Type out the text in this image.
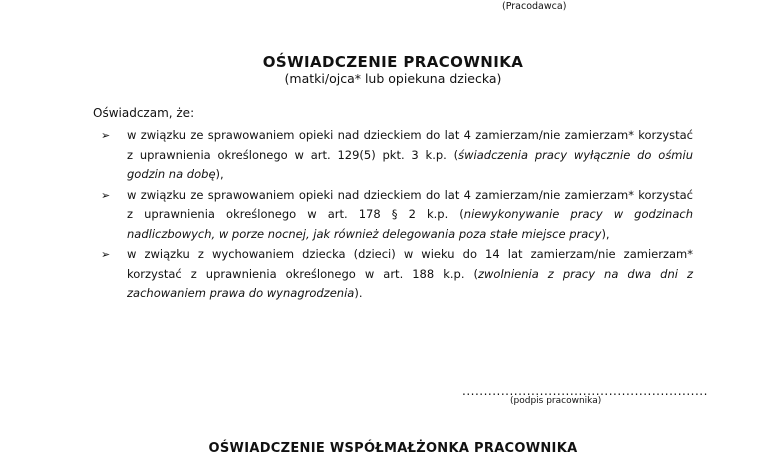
(Pracodawca)
OŚWIADCZENIE PRACOWNIKA
(matki/ojca* lub opiekuna dziecka)
Oświadczam, że:
➢ w związku ze sprawowaniem opieki nad dzieckiem do lat 4 zamierzam/nie zamierzam* korzystać z uprawnienia określonego w art. 129(5) pkt. 3 k.p. (świadczenia pracy wyłącznie do ośmiu godzin na dobę),
➢ w związku ze sprawowaniem opieki nad dzieckiem do lat 4 zamierzam/nie zamierzam* korzystać z uprawnienia określonego w art. 178 § 2 k.p. (niewykonywanie pracy w godzinach nadliczbowych, w porze nocnej, jak również delegowania poza stałe miejsce pracy),
➢ w związku z wychowaniem dziecka (dzieci) w wieku do 14 lat zamierzam/nie zamierzam* korzystać z uprawnienia określonego w art. 188 k.p. (zwolnienia z pracy na dwa dni z zachowaniem prawa do wynagrodzenia).
.........................................................
(podpis pracownika)
OŚWIADCZENIE WSPÓŁMAŁŻONKA PRACOWNIKA
